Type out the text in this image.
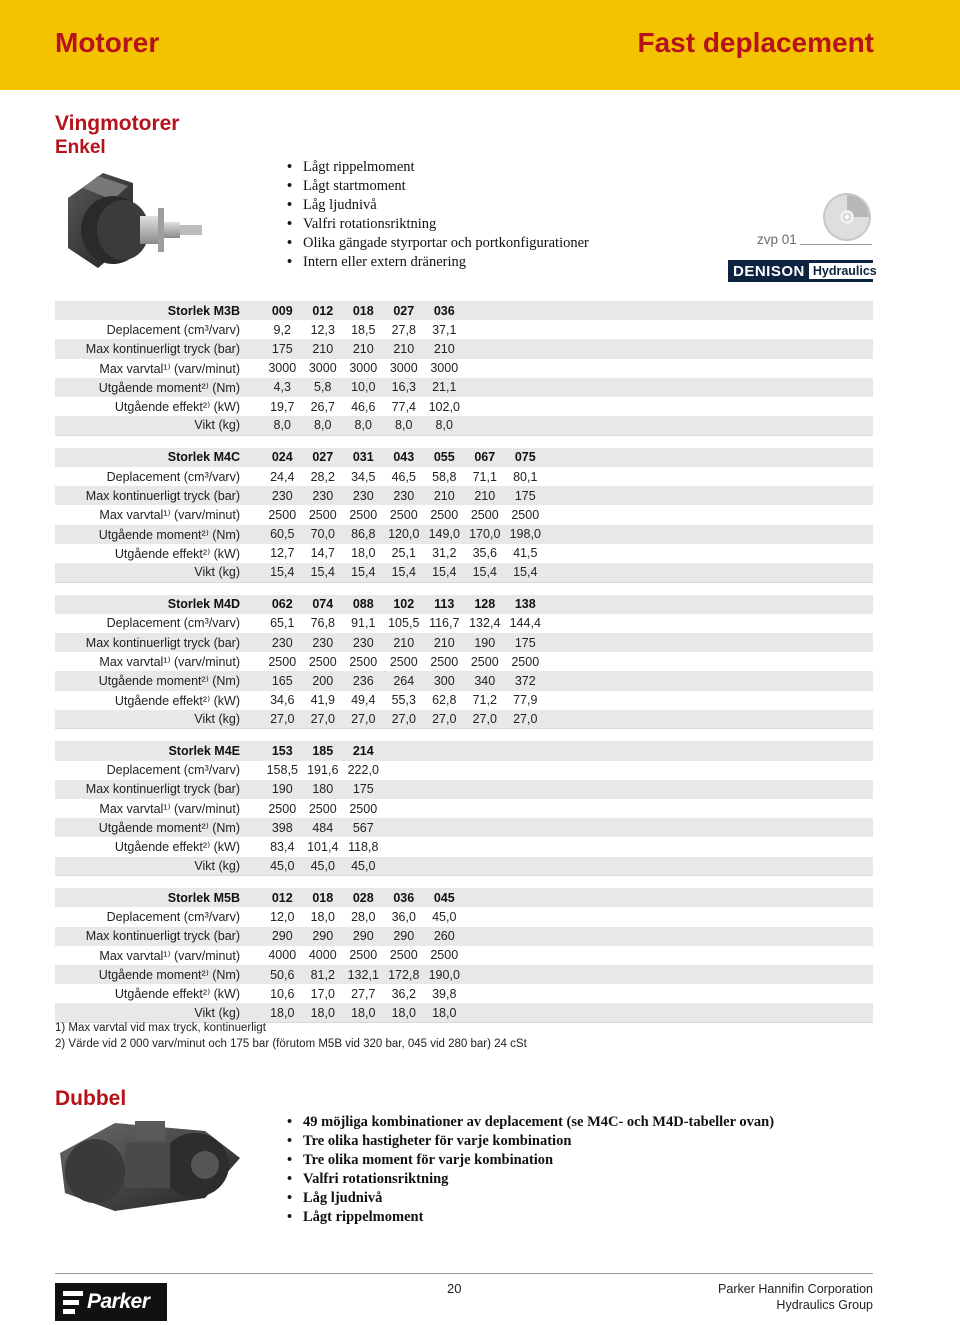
Motorer	Fast deplacement
Vingmotorer
Enkel
• Lågt rippelmoment
• Lågt startmoment
• Låg ljudnivå
• Valfri rotationsriktning
• Olika gängade styrportar och portkonfigurationer
• Intern eller extern dränering
zvp 01
DENISON Hydraulics
Storlek M3B	009	012	018	027	036	
Deplacement (cm³/varv)	9,2	12,3	18,5	27,8	37,1	
Max kontinuerligt tryck (bar)	175	210	210	210	210	
Max varvtal¹⁾ (varv/minut)	3000	3000	3000	3000	3000	
Utgående moment²⁾ (Nm)	4,3	5,8	10,0	16,3	21,1	
Utgående effekt²⁾ (kW)	19,7	26,7	46,6	77,4	102,0	
Vikt (kg)	8,0	8,0	8,0	8,0	8,0	
Storlek M4C	024	027	031	043	055	067	075	
Deplacement (cm³/varv)	24,4	28,2	34,5	46,5	58,8	71,1	80,1	
Max kontinuerligt tryck (bar)	230	230	230	230	210	210	175	
Max varvtal¹⁾ (varv/minut)	2500	2500	2500	2500	2500	2500	2500	
Utgående moment²⁾ (Nm)	60,5	70,0	86,8	120,0	149,0	170,0	198,0	
Utgående effekt²⁾ (kW)	12,7	14,7	18,0	25,1	31,2	35,6	41,5	
Vikt (kg)	15,4	15,4	15,4	15,4	15,4	15,4	15,4	
Storlek M4D	062	074	088	102	113	128	138	
Deplacement (cm³/varv)	65,1	76,8	91,1	105,5	116,7	132,4	144,4	
Max kontinuerligt tryck (bar)	230	230	230	210	210	190	175	
Max varvtal¹⁾ (varv/minut)	2500	2500	2500	2500	2500	2500	2500	
Utgående moment²⁾ (Nm)	165	200	236	264	300	340	372	
Utgående effekt²⁾ (kW)	34,6	41,9	49,4	55,3	62,8	71,2	77,9	
Vikt (kg)	27,0	27,0	27,0	27,0	27,0	27,0	27,0	
Storlek M4E	153	185	214	
Deplacement (cm³/varv)	158,5	191,6	222,0	
Max kontinuerligt tryck (bar)	190	180	175	
Max varvtal¹⁾ (varv/minut)	2500	2500	2500	
Utgående moment²⁾ (Nm)	398	484	567	
Utgående effekt²⁾ (kW)	83,4	101,4	118,8	
Vikt (kg)	45,0	45,0	45,0	
Storlek M5B	012	018	028	036	045	
Deplacement (cm³/varv)	12,0	18,0	28,0	36,0	45,0	
Max kontinuerligt tryck (bar)	290	290	290	290	260	
Max varvtal¹⁾ (varv/minut)	4000	4000	2500	2500	2500	
Utgående moment²⁾ (Nm)	50,6	81,2	132,1	172,8	190,0	
Utgående effekt²⁾ (kW)	10,6	17,0	27,7	36,2	39,8	
Vikt (kg)	18,0	18,0	18,0	18,0	18,0	
1) Max varvtal vid max tryck, kontinuerligt
2) Värde vid 2 000 varv/minut och 175 bar (förutom M5B vid 320 bar, 045 vid 280 bar) 24 cSt
Dubbel
• 49 möjliga kombinationer av deplacement (se M4C- och M4D-tabeller ovan)
• Tre olika hastigheter för varje kombination
• Tre olika moment för varje kombination
• Valfri rotationsriktning
• Låg ljudnivå
• Lågt rippelmoment
20	Parker Hannifin Corporation
Hydraulics Group
Parker
